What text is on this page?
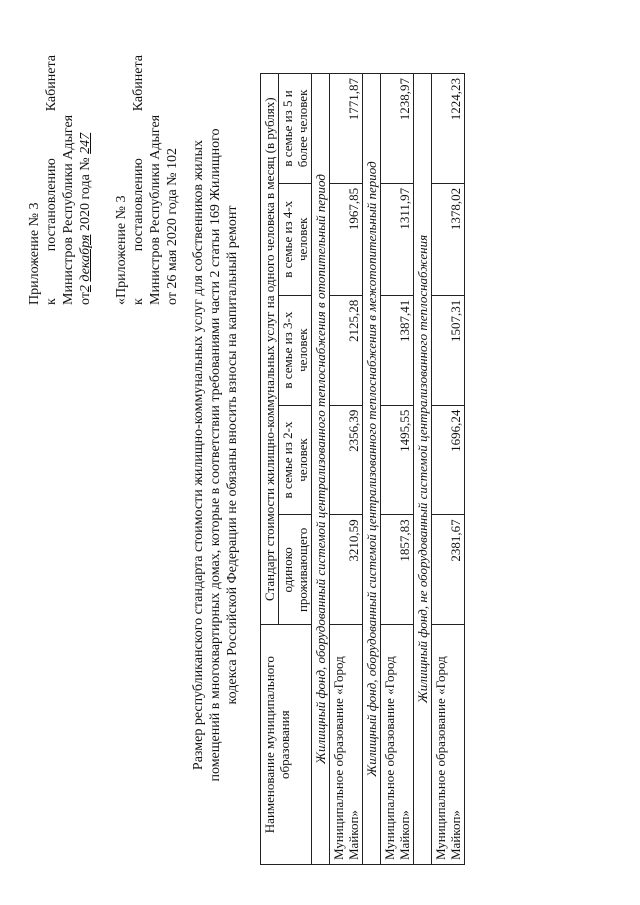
Приложение № 3 к
постановлению
Кабинета
Министров Республики Адыгея от2 декабря 2020 года № 247
«Приложение № 3 к
постановлению
Кабинета
Министров Республики Адыгея от 26 мая 2020 года № 102 Размер республиканского стандарта стоимости жилищно-коммунальных услуг для собственников жилых помещений в многоквартирных домах, которые в соответствии требованиями части 2 статьи 169 Жилищного кодекса Российской Федерации не обязаны вносить взносы на капитальный ремонт
Наименование муниципального образования	Стандарт стоимости жилищно-коммунальных услуг на одного человека в месяц (в рублях)				
	одиноко проживающего	в семье из 2-х человек	в семье из 3-х человек	в семье из 4-х человек	в семье из 5 и более человек
Жилищный фонд, оборудованный системой централизованного теплоснабжения в отопительный период					

Муниципальное образование «Город Майкоп»	3210,59	2356,39	2125,28	1967,85	1771,87
Жилищный фонд, оборудованный системой централизованного теплоснабжения в межотопительный период					

Муниципальное образование «Город Майкоп»	1857,83	1495,55	1387,41	1311,97	1238,97
Жилищный фонд, не оборудованный системой централизованного теплоснабжения					

Муниципальное образование «Город Майкоп»	2381,67	1696,24	1507,31	1378,02	1224,23
